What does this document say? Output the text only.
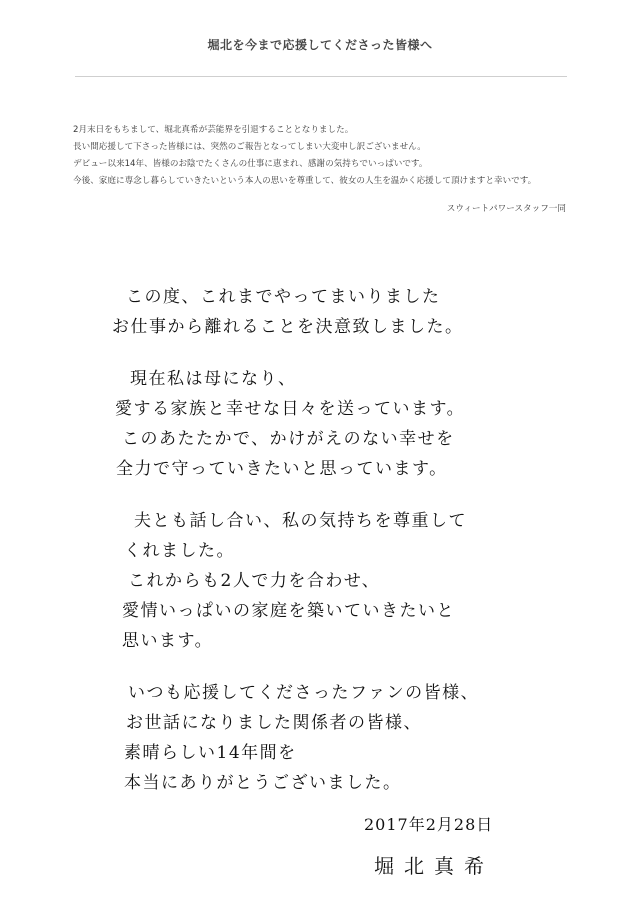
堀北を今まで応援してくださった皆様へ
2月末日をもちまして、堀北真希が芸能界を引退することとなりました。
長い間応援して下さった皆様には、突然のご報告となってしまい大変申し訳ございません。
デビュー以来14年、皆様のお陰でたくさんの仕事に恵まれ、感謝の気持ちでいっぱいです。
今後、家庭に専念し暮らしていきたいという本人の思いを尊重して、彼女の人生を温かく応援して頂けますと幸いです。
スウィートパワースタッフ一同
この度、これまでやってまいりました
お仕事から離れることを決意致しました。
現在私は母になり、
愛する家族と幸せな日々を送っています。
このあたたかで、かけがえのない幸せを
全力で守っていきたいと思っています。
夫とも話し合い、私の気持ちを尊重して
くれました。
これからも2人で力を合わせ、
愛情いっぱいの家庭を築いていきたいと
思います。
いつも応援してくださったファンの皆様、
お世話になりました関係者の皆様、
素晴らしい14年間を
本当にありがとうございました。
2017年2月28日
堀北真希
